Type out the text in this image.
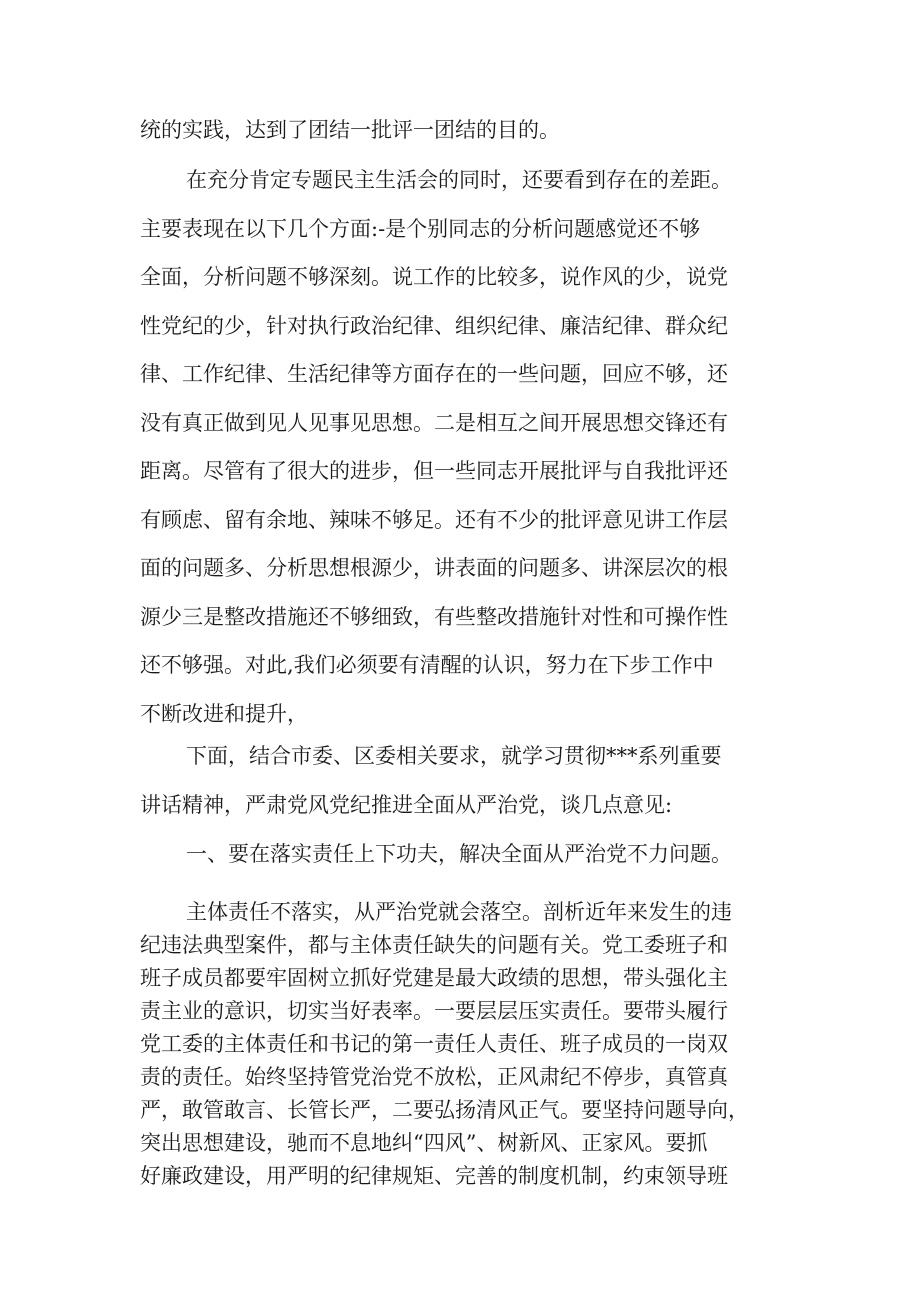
统的实践，达到了团结一批评一团结的目的。
在充分肯定专题民主生活会的同时，还要看到存在的差距。
主要表现在以下几个方面:-是个别同志的分析问题感觉还不够
全面，分析问题不够深刻。说工作的比较多，说作风的少，说党
性党纪的少，针对执行政治纪律、组织纪律、廉洁纪律、群众纪
律、工作纪律、生活纪律等方面存在的一些问题，回应不够，还
没有真正做到见人见事见思想。二是相互之间开展思想交锋还有
距离。尽管有了很大的进步，但一些同志开展批评与自我批评还
有顾虑、留有余地、辣味不够足。还有不少的批评意见讲工作层
面的问题多、分析思想根源少，讲表面的问题多、讲深层次的根
源少三是整改措施还不够细致，有些整改措施针对性和可操作性
还不够强。对此,我们必须要有清醒的认识，努力在下步工作中
不断改进和提升，
下面，结合市委、区委相关要求，就学习贯彻***系列重要
讲话精神，严肃党风党纪推进全面从严治党，谈几点意见:
一、要在落实责任上下功夫，解决全面从严治党不力问题。
主体责任不落实，从严治党就会落空。剖析近年来发生的违
纪违法典型案件，都与主体责任缺失的问题有关。党工委班子和
班子成员都要牢固树立抓好党建是最大政绩的思想，带头强化主
责主业的意识，切实当好表率。一要层层压实责任。要带头履行
党工委的主体责任和书记的第一责任人责任、班子成员的一岗双
责的责任。始终坚持管党治党不放松，正风肃纪不停步，真管真
严，敢管敢言、长管长严，二要弘扬清风正气。要坚持问题导向，
突出思想建设，驰而不息地纠“四风”、树新风、正家风。要抓
好廉政建设，用严明的纪律规矩、完善的制度机制，约束领导班
